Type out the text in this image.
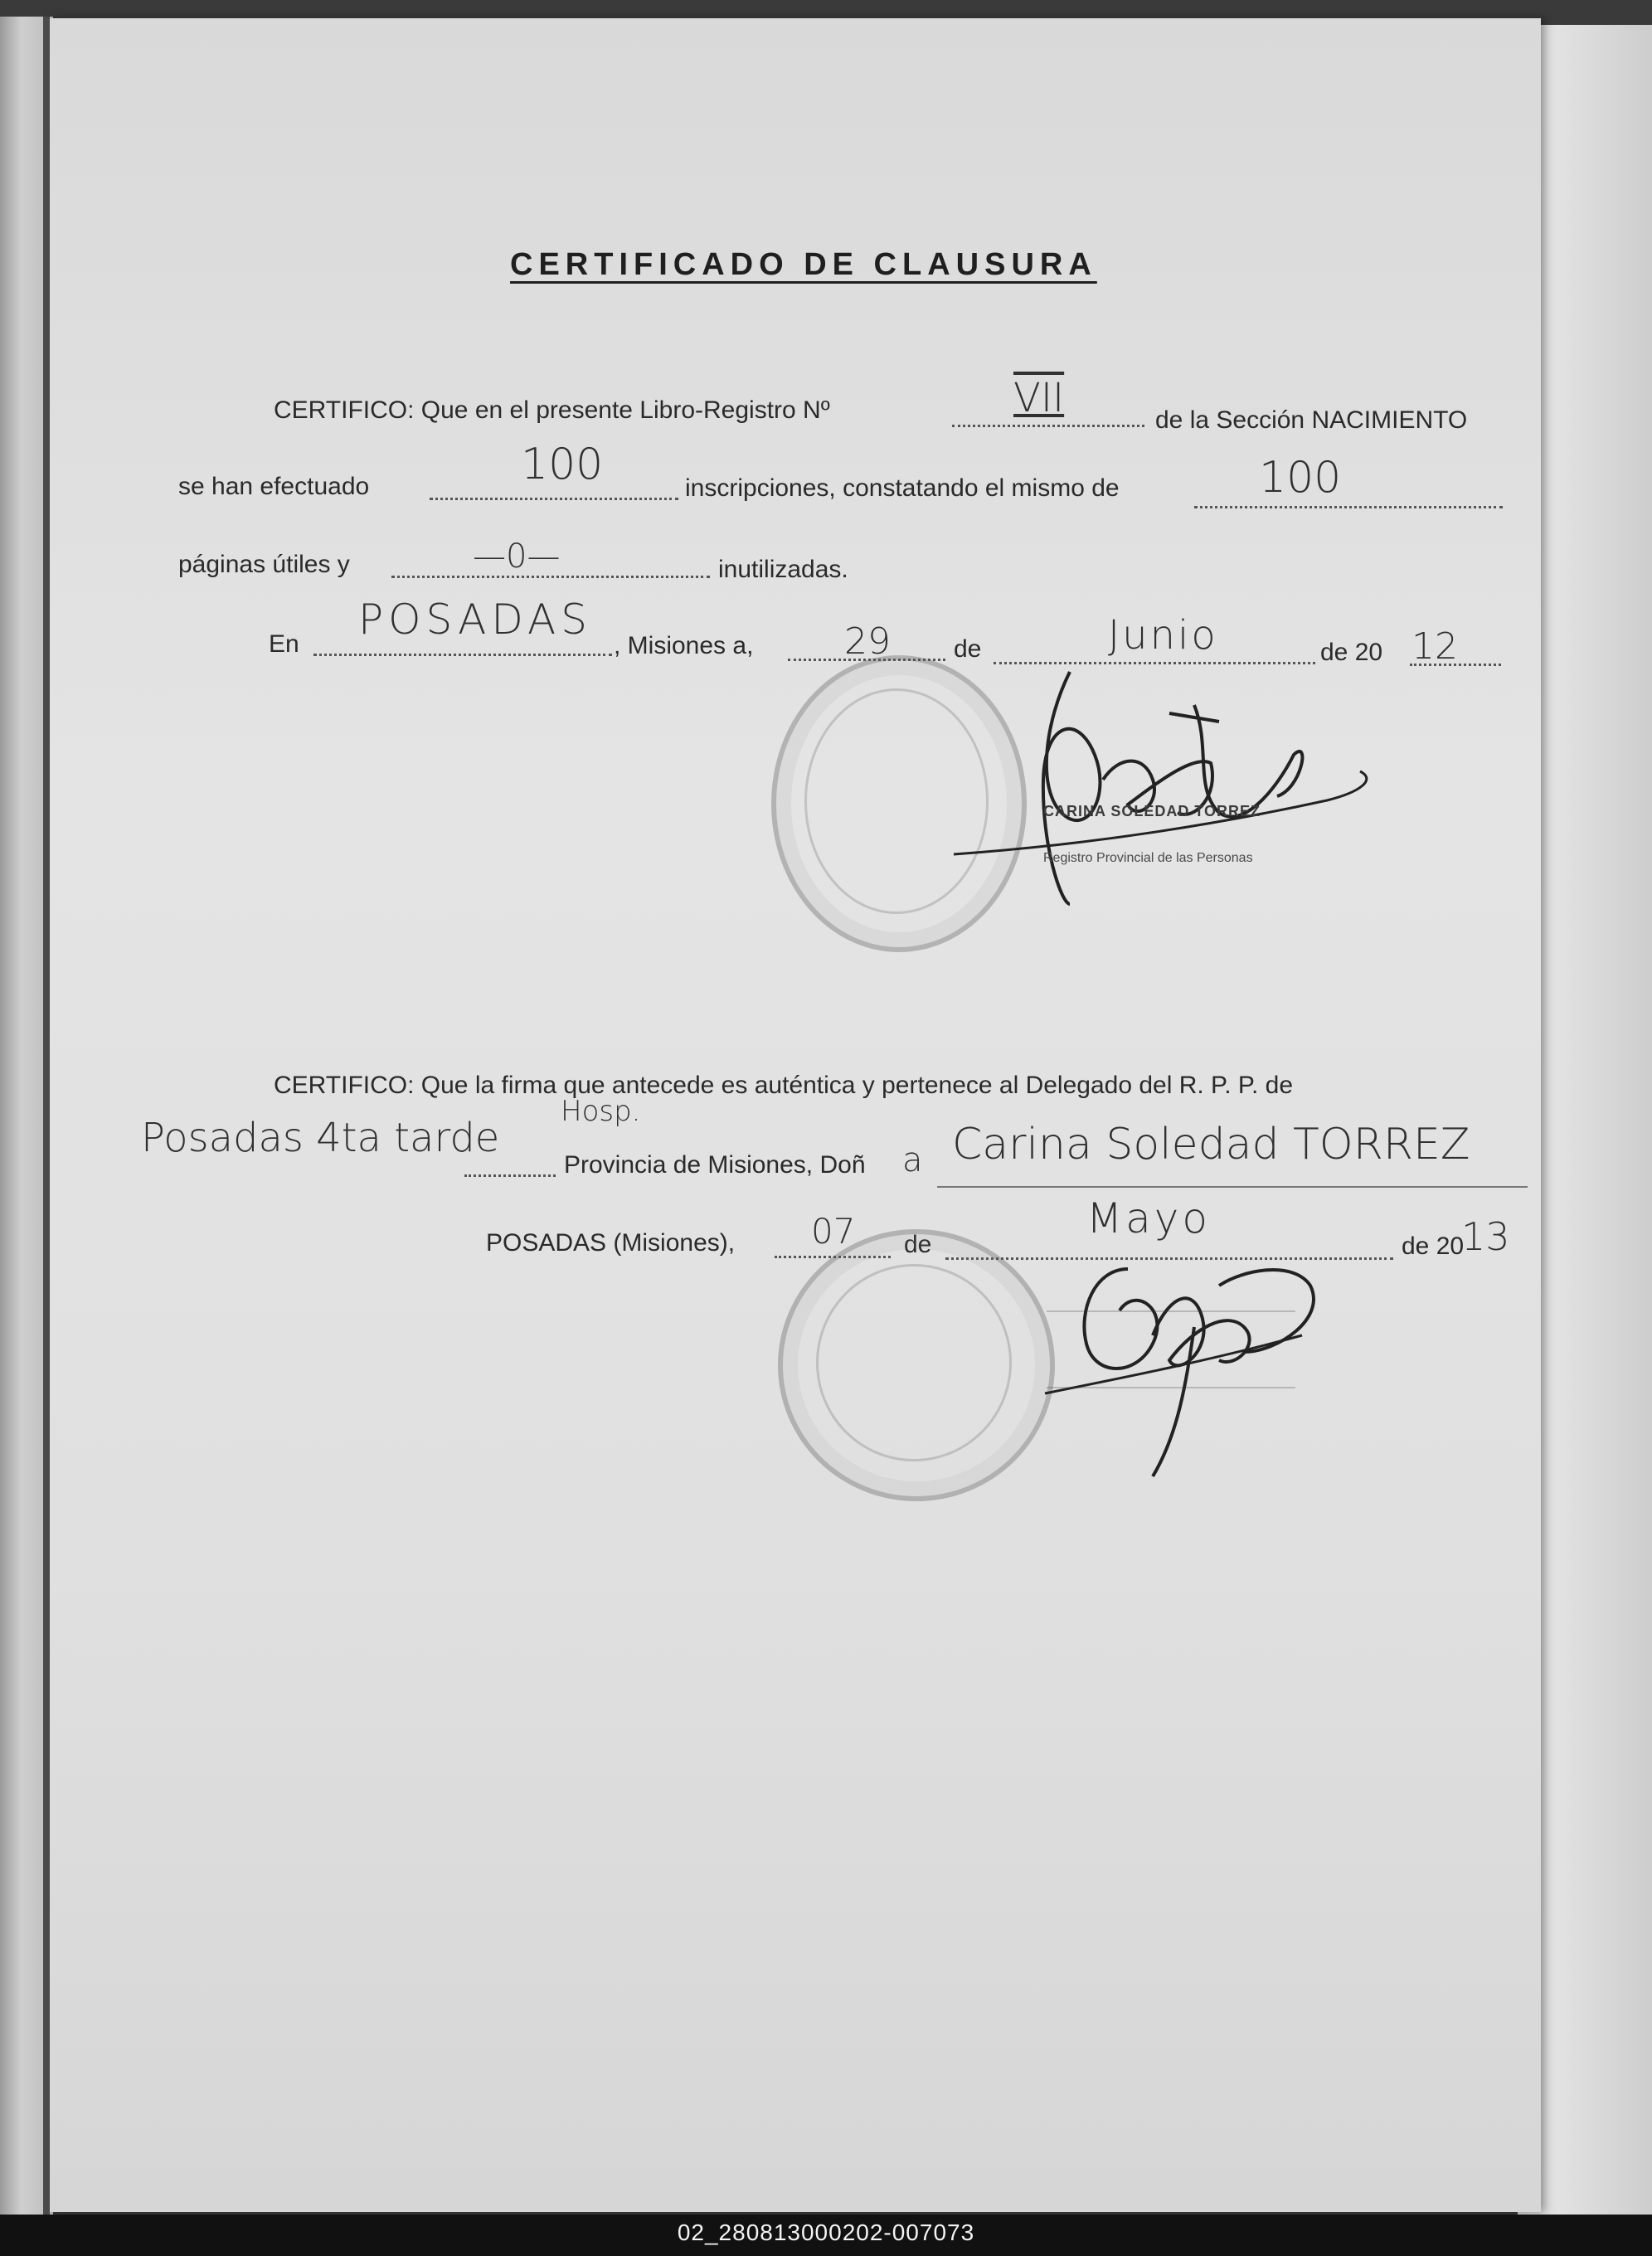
CERTIFICADO DE CLAUSURA
CERTIFICO: Que en el presente Libro-Registro Nº	VII	de la Sección NACIMIENTO
se han efectuado	100	inscripciones, constatando el mismo de	100
páginas útiles y	—0—	inutilizadas.
En
POSADAS
, Misiones a, 29	de	Junio	de 20 12
CARINA SOLEDAD TORREZ
Registro Provincial de las Personas
CERTIFICO: Que la firma que antecede es auténtica y pertenece al Delegado del R. P. P. de
Posadas 4ta tarde
Hosp.
Provincia de Misiones, Doñ a Carina Soledad TORREZ
POSADAS (Misiones), 07 de
Mayo
de 20
13
02_280813000202-007073
